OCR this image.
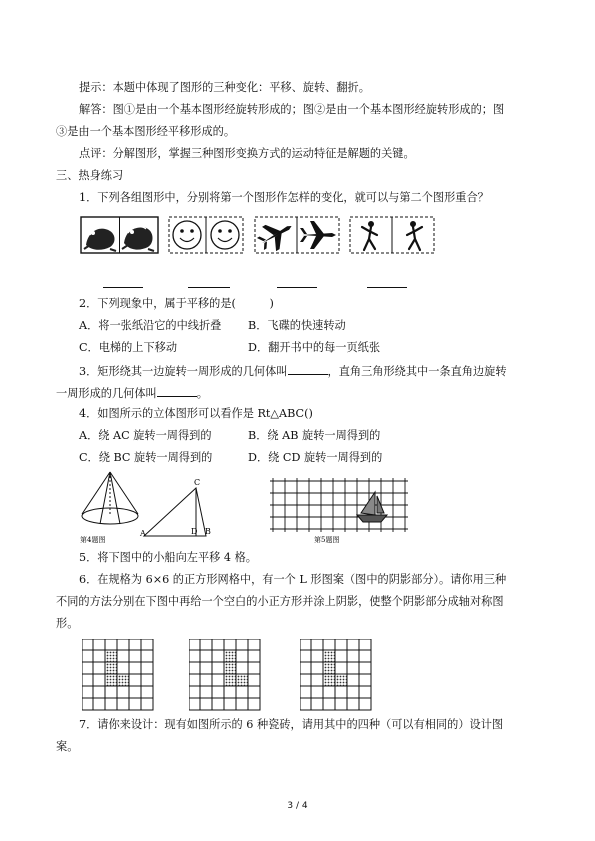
提示：本题中体现了图形的三种变化：平移、旋转、翻折。
解答：图①是由一个基本图形经旋转形成的；图②是由一个基本图形经旋转形成的；图
③是由一个基本图形经平移形成的。
点评：分解图形，掌握三种图形变换方式的运动特征是解题的关键。
三、热身练习
1．下列各组图形中，分别将第一个图形作怎样的变化，就可以与第二个图形重合？
2．下列现象中，属于平移的是(　　　)
A．将一张纸沿它的中线折叠 B．飞碟的快速转动
C．电梯的上下移动	D．翻开书中的每一页纸张
3．矩形绕其一边旋转一周形成的几何体叫	，直角三角形绕其中一条直角边旋转
一周形成的几何体叫	。
4．如图所示的立体图形可以看作是 Rt△ABC()
A．绕 AC 旋转一周得到的	B．绕 AB 旋转一周得到的
C．绕 BC 旋转一周得到的	D．绕 CD 旋转一周得到的
C
A	D B
第4题图	第5题图
5．将下图中的小船向左平移 4 格。
6．在规格为 6×6 的正方形网格中，有一个 L 形图案（图中的阴影部分）。请你用三种
不同的方法分别在下图中再给一个空白的小正方形并涂上阴影，使整个阴影部分成轴对称图
形。
7．请你来设计：现有如图所示的 6 种瓷砖，请用其中的四种（可以有相同的）设计图
案。
3 / 4
